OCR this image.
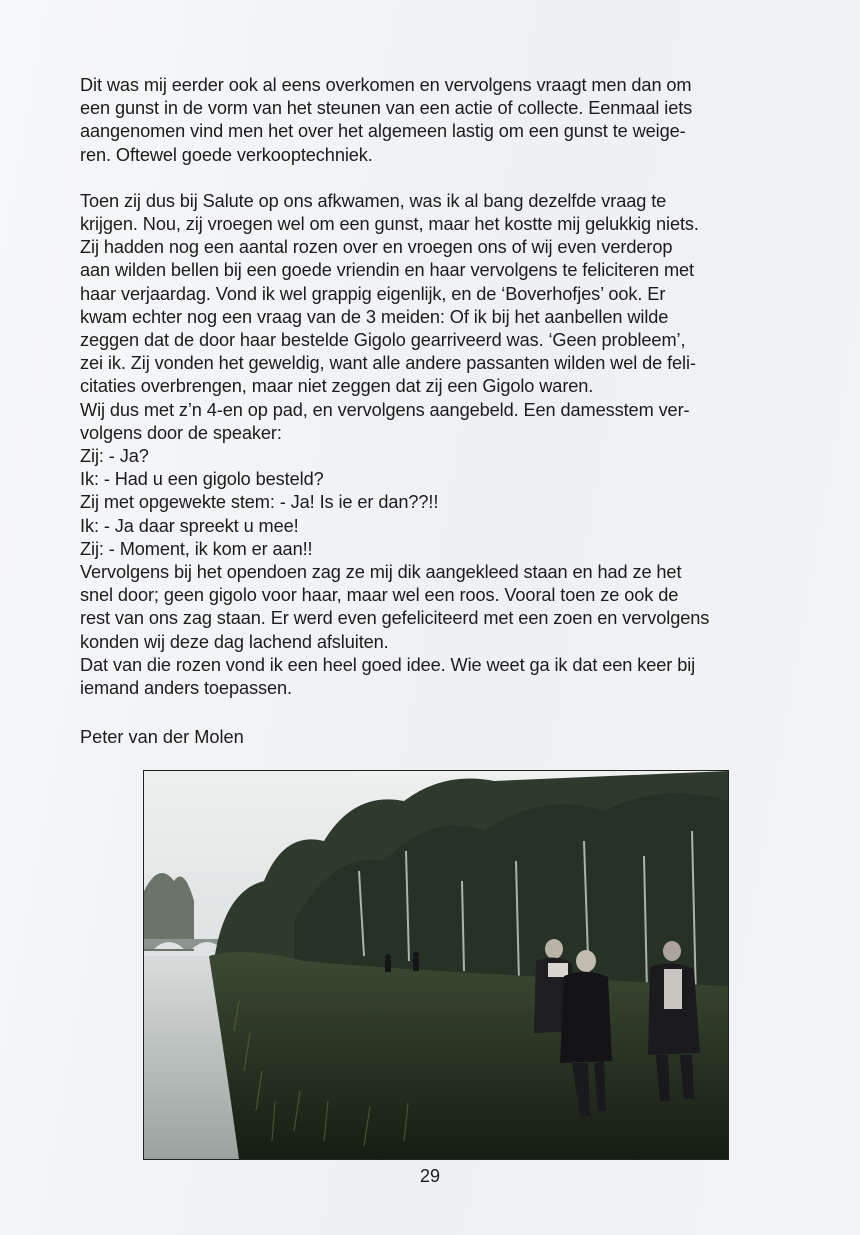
Dit was mij eerder ook al eens overkomen en vervolgens vraagt men dan om

een gunst in de vorm van het steunen van een actie of collecte. Eenmaal iets

aangenomen vind men het over het algemeen lastig om een gunst te weige-

ren. Oftewel goede verkooptechniek.

Toen zij dus bij Salute op ons afkwamen, was ik al bang dezelfde vraag te

krijgen. Nou, zij vroegen wel om een gunst, maar het kostte mij gelukkig niets.

Zij hadden nog een aantal rozen over en vroegen ons of wij even verderop

aan wilden bellen bij een goede vriendin en haar vervolgens te feliciteren met

haar verjaardag. Vond ik wel grappig eigenlijk, en de ‘Boverhofjes’ ook. Er

kwam echter nog een vraag van de 3 meiden: Of ik bij het aanbellen wilde

zeggen dat de door haar bestelde Gigolo gearriveerd was. ‘Geen probleem’,

zei ik. Zij vonden het geweldig, want alle andere passanten wilden wel de feli-

citaties overbrengen, maar niet zeggen dat zij een Gigolo waren.

Wij dus met z’n 4-en op pad, en vervolgens aangebeld. Een damesstem ver-

volgens door de speaker:

Zij: - Ja?

Ik: - Had u een gigolo besteld?

Zij met opgewekte stem: - Ja! Is ie er dan??!!

Ik: - Ja daar spreekt u mee!

Zij: - Moment, ik kom er aan!!

Vervolgens bij het opendoen zag ze mij dik aangekleed staan en had ze het

snel door; geen gigolo voor haar, maar wel een roos. Vooral toen ze ook de

rest van ons zag staan. Er werd even gefeliciteerd met een zoen en vervolgens

konden wij deze dag lachend afsluiten.

Dat van die rozen vond ik een heel goed idee. Wie weet ga ik dat een keer bij

iemand anders toepassen.

Peter van der Molen
29
